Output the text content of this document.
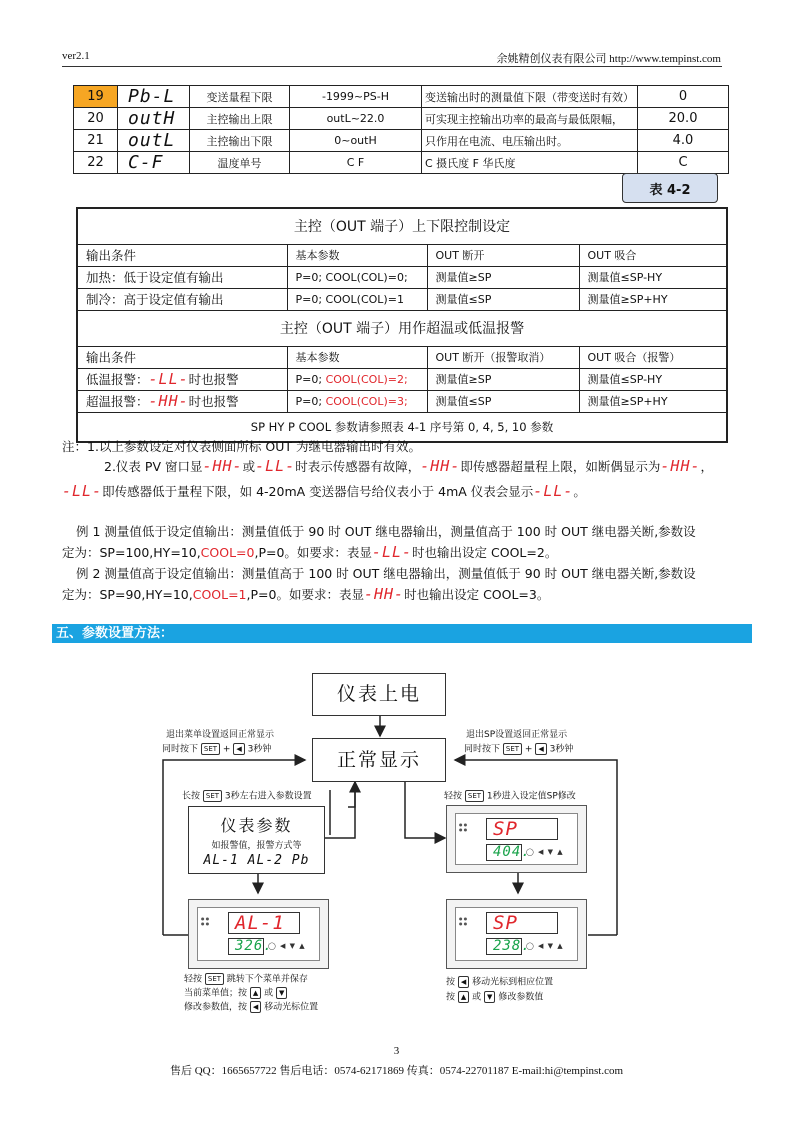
ver2.1	余姚精创仪表有限公司 http://www.tempinst.com
19	Pb-L	变送量程下限	-1999~PS-H	变送输出时的测量值下限（带变送时有效）	0
20	outH	主控输出上限	outL~22.0	可实现主控输出功率的最高与最低限幅，	20.0
21	outL	主控输出下限	0~outH	只作用在电流、电压输出时。	4.0
22	C-F	温度单号	C F	C 摄氏度 F 华氏度	C
表 4-2
主控（OUT 端子）上下限控制设定			
输出条件	基本参数	OUT 断开	OUT 吸合
加热：低于设定值有输出	P=0; COOL(COL)=0;	测量值≥SP	测量值≤SP-HY
制冷：高于设定值有输出	P=0; COOL(COL)=1	测量值≤SP	测量值≥SP+HY
主控（OUT 端子）用作超温或低温报警			
输出条件	基本参数	OUT 断开（报警取消）	OUT 吸合（报警）
低温报警：-LL-时也报警	P=0; COOL(COL)=2;	测量值≥SP	测量值≤SP-HY
超温报警：-HH-时也报警	P=0; COOL(COL)=3;	测量值≤SP	测量值≥SP+HY
SP HY P COOL 参数请参照表 4-1 序号第 0, 4, 5, 10 参数			
注：1.以上参数设定对仪表侧面所标 OUT 为继电器输出时有效。
2.仪表 PV 窗口显-HH-或-LL-时表示传感器有故障，-HH-即传感器超量程上限，如断偶显示为-HH-，
-LL-即传感器低于量程下限，如 4-20mA 变送器信号给仪表小于 4mA 仪表会显示-LL-。
例 1 测量值低于设定值输出：测量值低于 90 时 OUT 继电器输出，测量值高于 100 时 OUT 继电器关断,参数设
定为：SP=100,HY=10,COOL=0,P=0。如要求：表显-LL-时也输出设定 COOL=2。
例 2 测量值高于设定值输出：测量值高于 100 时 OUT 继电器输出，测量值低于 90 时 OUT 继电器关断,参数设
定为：SP=90,HY=10,COOL=1,P=0。如要求：表显-HH-时也输出设定 COOL=3。
五、参数设置方法：
仪表上电
正常显示
退出菜单设置返回正常显示
同时按下 SET + ◀ 3秒钟
退出SP设置返回正常显示
同时按下 SET + ◀ 3秒钟
长按 SET 3秒左右进入参数设置	轻按 SET 1秒进入设定值SP修改
仪表参数
如报警值，报警方式等
AL-1 AL-2 Pb
● ●
● ●	SP
404.
◯ ◀ ▼ ▲
● ●
● ●	AL-1
326.
◯ ◀ ▼ ▲
● ●
● ●	SP
238.
◯ ◀ ▼ ▲
轻按 SET 跳转下个菜单并保存
当前菜单值；按 ▲ 或 ▼
修改参数值，按 ◀ 移动光标位置
按 ◀ 移动光标到相应位置
按 ▲ 或 ▼ 修改参数值
3
售后 QQ：1665657722 售后电话：0574-62171869 传真：0574-22701187 E-mail:hi@tempinst.com
